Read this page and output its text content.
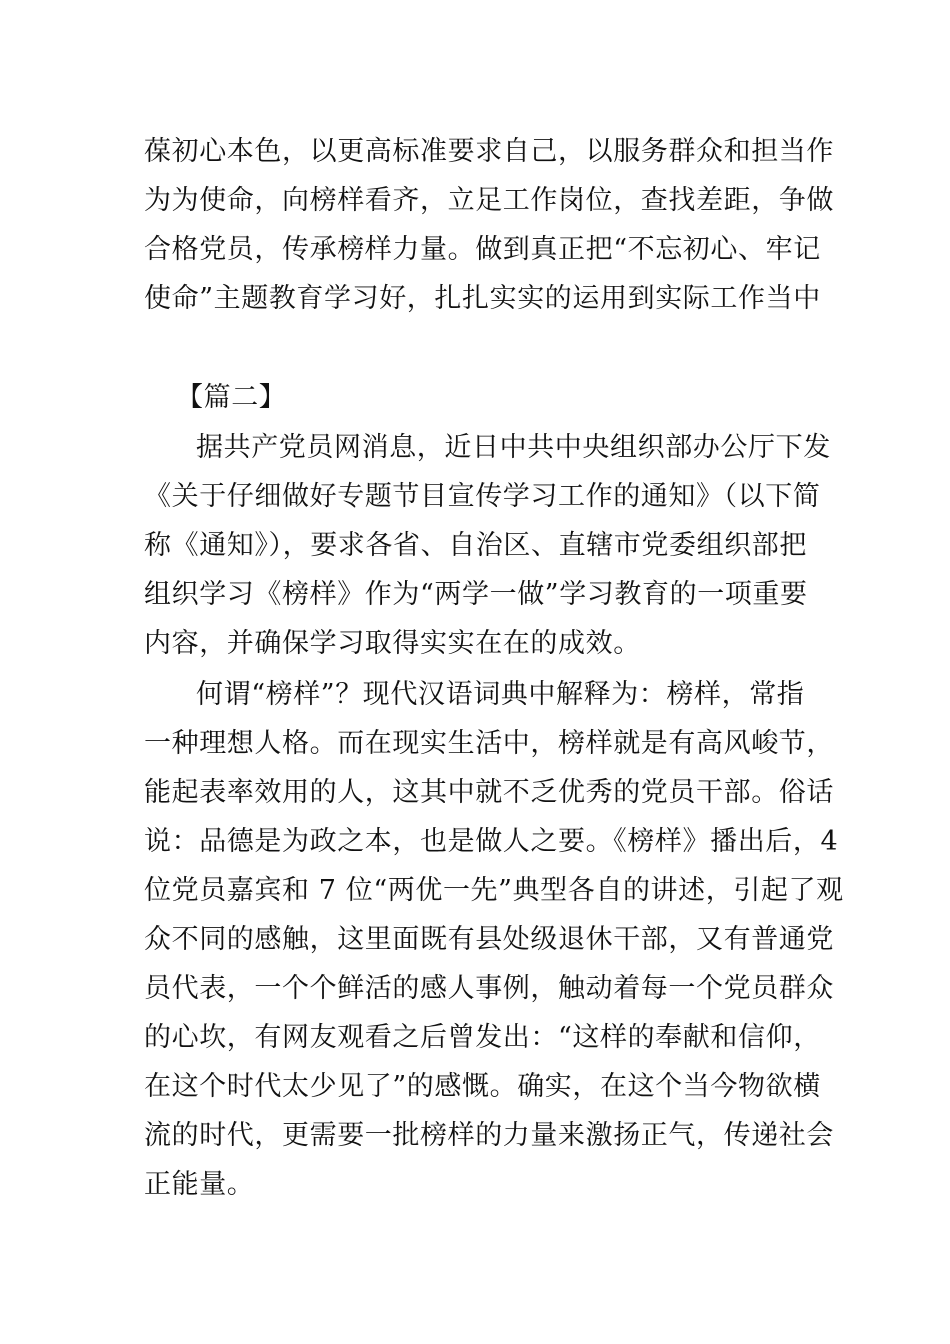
葆初心本色，以更高标准要求自己，以服务群众和担当作
为为使命，向榜样看齐，立足工作岗位，查找差距，争做
合格党员，传承榜样力量。做到真正把“不忘初心、牢记
使命”主题教育学习好，扎扎实实的运用到实际工作当中
【篇二】
据共产党员网消息，近日中共中央组织部办公厅下发
《关于仔细做好专题节目宣传学习工作的通知》（以下简
称《通知》），要求各省、自治区、直辖市党委组织部把
组织学习《榜样》作为“两学一做”学习教育的一项重要
内容，并确保学习取得实实在在的成效。
何谓“榜样”？现代汉语词典中解释为：榜样，常指
一种理想人格。而在现实生活中，榜样就是有高风峻节，
能起表率效用的人，这其中就不乏优秀的党员干部。俗话
说：品德是为政之本，也是做人之要。《榜样》播出后，4
位党员嘉宾和 7 位“两优一先”典型各自的讲述，引起了观
众不同的感触，这里面既有县处级退休干部，又有普通党
员代表，一个个鲜活的感人事例，触动着每一个党员群众
的心坎，有网友观看之后曾发出：“这样的奉献和信仰，
在这个时代太少见了”的感慨。确实，在这个当今物欲横
流的时代，更需要一批榜样的力量来激扬正气，传递社会
正能量。
